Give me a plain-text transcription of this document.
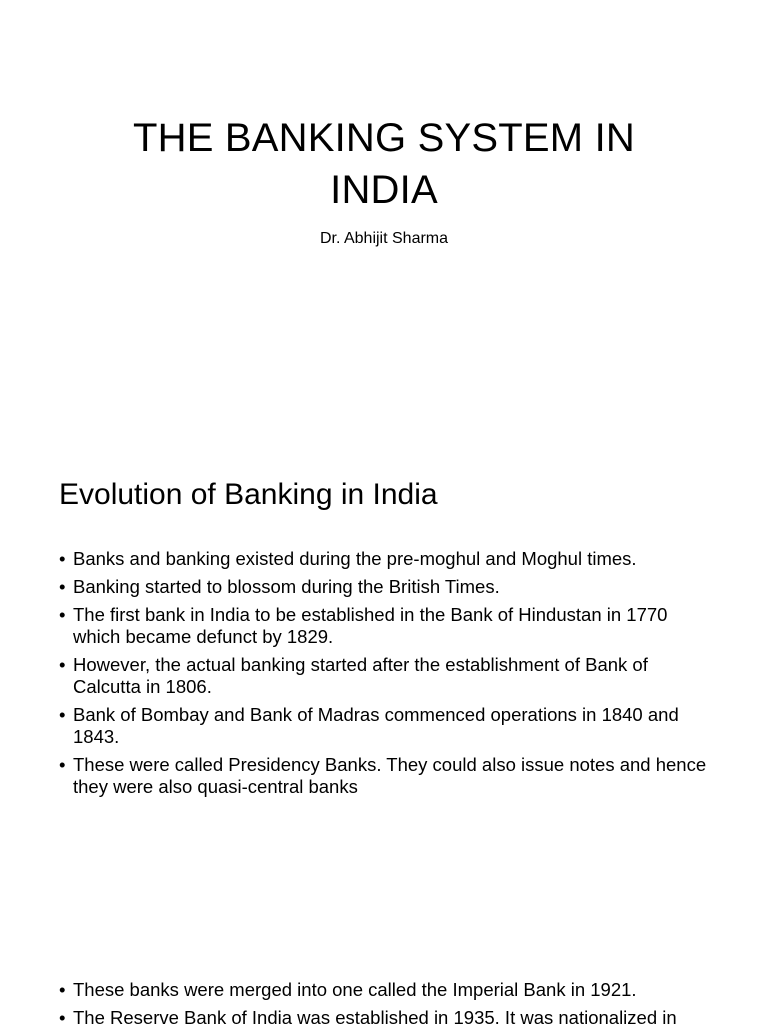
THE BANKING SYSTEM IN
INDIA

Dr. Abhijit Sharma

Evolution of Banking in India
• Banks and banking existed during the pre-moghul and Moghul times.
• Banking started to blossom during the British Times.
• The first bank in India to be established in the Bank of Hindustan in 1770 which became defunct by 1829.
• However, the actual banking started after the establishment of Bank of Calcutta in 1806.
• Bank of Bombay and Bank of Madras commenced operations in 1840 and 1843.
• These were called Presidency Banks. They could also issue notes and hence they were also quasi-central banks
• These banks were merged into one called the Imperial Bank in 1921.
• The Reserve Bank of India was established in 1935. It was nationalized in
